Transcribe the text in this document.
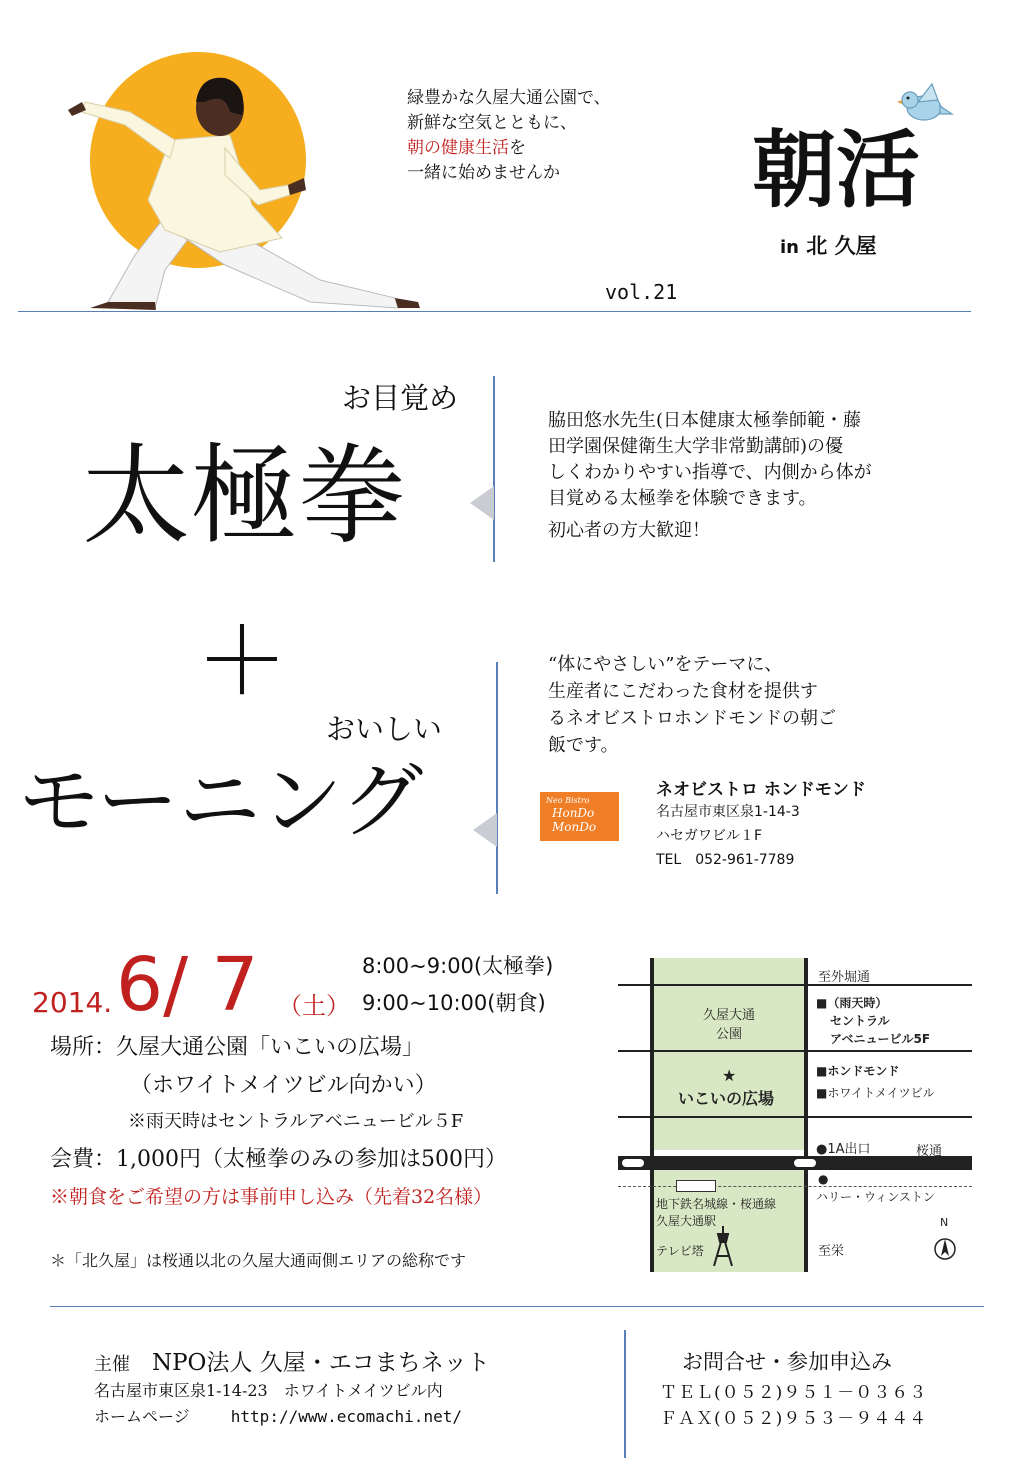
緑豊かな久屋大通公園で、
新鮮な空気とともに、
朝の健康生活を
一緒に始めませんか	朝活
in 北 久屋
vol.21
お目覚め
太極拳
脇田悠水先生(日本健康太極拳師範・藤
田学園保健衛生大学非常勤講師)の優
しくわかりやすい指導で、内側から体が
目覚める太極拳を体験できます。
初心者の方大歓迎！
＋
おいしい
モーニング
“体にやさしい”をテーマに、
生産者にこだわった食材を提供す
るネオビストロホンドモンドの朝ご
飯です。
Neo Bistro
HonDo
MonDo
ネオビストロ ホンドモンド
名古屋市東区泉1-14-3
ハセガワビル１F
TEL　052-961-7789
2014. 6/ 7 （土）
8:00~9:00(太極拳)
9:00~10:00(朝食)
場所：久屋大通公園「いこいの広場」
（ホワイトメイツビル向かい）
※雨天時はセントラルアベニュービル５F
会費：1,000円（太極拳のみの参加は500円）
※朝食をご希望の方は事前申し込み（先着32名様）
＊「北久屋」は桜通以北の久屋大通両側エリアの総称です
久屋大通
公園
★
いこいの広場
至外堀通
■（雨天時）
セントラル
アベニュービル5F
■ホンドモンド
■ホワイトメイツビル
●1A出口	桜通
ハリー・ウィンストン
●
地下鉄名城線・桜通線
久屋大通駅
テレビ塔	至栄
N
主催 NPO法人 久屋・エコまちネット
名古屋市東区泉1-14-23　ホワイトメイツビル内
ホームページ	http://www.ecomachi.net/
お問合せ・参加申込み
ＴＥＬ(０５２)９５１－０３６３
ＦＡＸ(０５２)９５３－９４４４
